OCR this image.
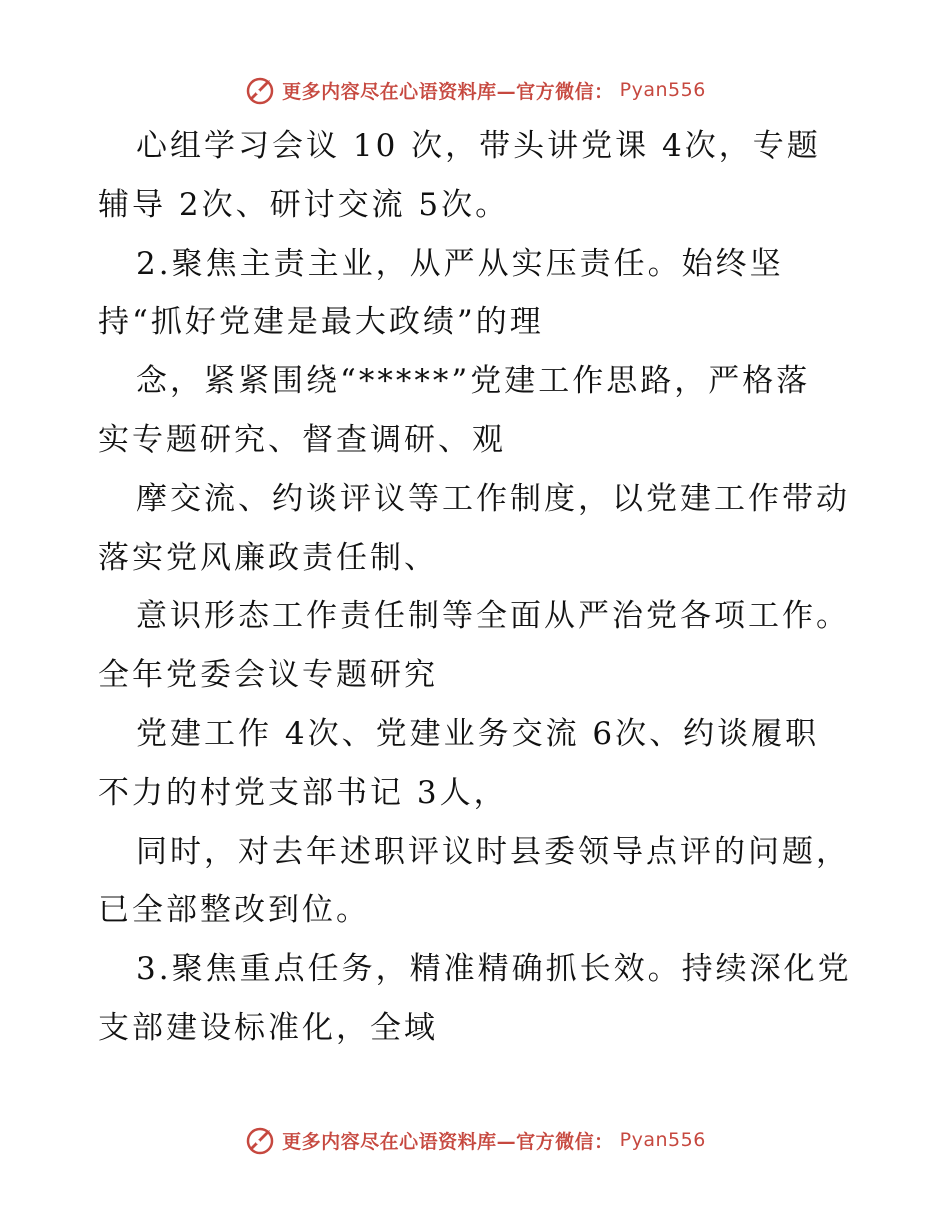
更多内容尽在心语资料库—官方微信： Pyan556
心组学习会议 10 次，带头讲党课 4次，专题
辅导 2次、研讨交流 5次。
2.聚焦主责主业，从严从实压责任。始终坚
持“抓好党建是最大政绩”的理
念，紧紧围绕“*****”党建工作思路，严格落
实专题研究、督查调研、观
摩交流、约谈评议等工作制度，以党建工作带动
落实党风廉政责任制、
意识形态工作责任制等全面从严治党各项工作。
全年党委会议专题研究
党建工作 4次、党建业务交流 6次、约谈履职
不力的村党支部书记 3人，
同时，对去年述职评议时县委领导点评的问题，
已全部整改到位。
3.聚焦重点任务，精准精确抓长效。持续深化党
支部建设标准化，全域
更多内容尽在心语资料库—官方微信： Pyan556
